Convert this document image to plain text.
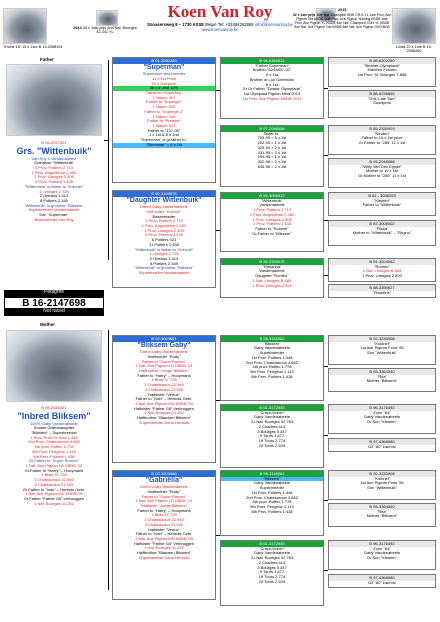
"Invest 16" 15 x 1ste B 13-2068104
2014 33 x 1ste prijs 2nd Nat. Bourges 42.341 YL
Koen Van Roy
Snoasersweg 8 – 1730 ASSE België Tel: +32494282868 info@koenvanroy.be www.koenvanroy.be
2015
32 x 1ste prijs 1ste Nat. Champion BNN CR.S-YL 1ste Prov. Ace Pigeon Old KBDB 1ste Prov. Ace Pigeon Yearling KBDB 1ste Prov. Ace Pigeon YL KBDB 4de Nat. Champion CNH-YL KBDB 5de Nat. Ace Pigeon Old KBDB 6de Nat. Ace Pigeon Old KBDB
Linda 22 x 1ste B 15-2068450
Father
B 06-2017301
Grs. "Wittenbuik"
Van Roy x Vandenabeele
Grandson "Wittenbuik"
1 Prov. Poitiers 2.713
1 Prov. Angoulême 2.450
1 Prov. Limoges 2.309
2 Prov. Poitiers 1.435
"Wittenbuik" is father to "Kolonel"
1 Limoges 2.726
2 Orleans 1.413
8 Poitiers 2.345
"Wittenbuik" is gr.father "Bliksem"
Superbreeder Vandenabeele
Son "Superman"
Basebreeder Van Roy
Pedigree
B 16-2147698
Not raced
Mother
B 08-2145351
"Inbred Bliksem"
100% Gaby Vandenabeele
Double Granddaughter
"Bliksem" – Superbreeder
1 Prov. Pont St. Max 1.448
2nd Prov. Chateauroux 4.662
4th prov. Ruffec 1.778
5th Prov. Perigeux 1.119
8th Prov. Poitiers 1.438
Gr.Father to "Super Romeo"
1 Nat. Ace Pigeon LD KBDB '13
Gr.Father to "Harry" – Hooymans
1 Blois 37.728
1 Chateauroux 22.940
3 Chateaudun 21.520
Gr.Father to "Ivan" – Herbots Gebr.
1 Nat. Ace Pigeon MD KBDB '09
Gr.Father "Father Gil" Verbruggen
1 Nat. Bourges 11.252
B 01-2030285
"Superman"
Superracer and breeder
11 x 1st Prize
10 x 2nd prize
36 x in first 10%
Father to "Superboy"
1 Nayon 407
Father to "Supergirl"
1 Nayon 600
Father to "Supergirl 2"
1 Nayon 240
Father to "Pretshe"
1 Nayon 347
Father to "137-05"
1 x 1st & 5 x 2nd
"Superman" is gr.father to :
"Stuntman" = 6 x 1st
B 99-3199876
"Daughter Wittenbuik"
Direct Gaby Vandenabeele
Half sister "Kolonel"
Basebreeder
1 Prov. Poitiers 2.713
1 Prov. Angoulême 2.450
1 Prov. Limoges 2.309
2 Prov. Poitiers 1.435
6 Poitiers 921
11 Poitiers 1.438
"Wittenbuik" is father to "Kolonel"
1 Limoges 2.726
2 Orleans 1.413
8 Poitiers 2.345
"Wittenbuik" is gr.father "Bliksem"
Superbreeder Vandenabeele
B 02-3003661
"Bliksem Gaby"
Direct Gaby Vandenabeele
Halfbrother "Rudy"
Father to "Super Romeo"
1 Nat. Ace Pigeon LD KBDB '13
Halfbrother "Junge Bliksem"
Father to "Harry" – Hooymans
1 Blois 37.728
1 Chateauroux 22.940
3 Chateaudun 21.520
Halfsister "Venus"
Father to "Ivan" – Herbots Gebr.
1 Nat. Ace Pigeon MD KBDB '09
Halfsister "Father Gil" Verbruggen
1 Nat. Bourges 11.252
Halfbrother "Blauwen Bliksem"
Superbreeder Dens-Herbots
B 03-3003486
"Gabriëlla"
Direct Gaby Vandenabeele
Halfbrother "Rudy"
Father to "Super Romeo"
1 Nat. Ace Pigeon LD KBDB '13
Halfsister "Junge Bliksem"
Father to "Harry" – Hooymans
1 Blois 37.728
1 Chateauroux 22.940
3 Chateaudun 21.520
Halfsister "Venus"
Father to "Ivan" – Herbots Gebr.
1 Nat. Ace Pigeon MD KBDB '09
Halfsister "Father Gil" Verbruggen
1 Nat. Bourges 11.252
Halfbrother "Blauwen Bliksem"
Superbreeder Dens-Herbots
B 94-6366812
"Father Superman"
Brother "6243857-92"
8 x 1st
Brother at Luc Geerinckx
6 x 1st
Gr.Gr.Father "Zwarte Olympiade"
1st Olympiad Pigeon Nitra 2013
1st Prov. Ace Pigeon KBDB 2012
B 97-2048058
Sister to :
709-93 = 6 x 1st
202-94 = 1 x 1st
329-94 = 2 x 1st
431-95 = 2 x 1st
094-95 = 1 x 1st
302-96 = 2 x 1st
646-96 = 2 x 1st
B 95-3056812
"Wittenbuik"
Vandenabeele
1 Prov. Poitiers 2.713
1 Prov. Angoulême 2.450
1 Prov. Limoges 2.309
2 Prov. Poitiers 1.435
Father to "Kolonel"
Gr.Father to "Bliksem"
B 95-3335678
"Rosanna"
Vandenabeele
Daughter "Romeo"
1 Nat. Limoges B 883
1 Prov. Limoges 2.8xx
B 96-3118062
"Bliksem"
Gaby Vandenabeele
Superbreeder
1st Prov. Poitiers 1.448
2nd Prov. Chateauroux 4.662
4th prov. Ruffec 1.778
5th Prov. Perigeux 1.119
8th Prov. Poitiers 1.438
B 01-3172930
"Crack-Duivin"
Gaby Vandenabeele
21 Nat. Bourges 42.763
2 Chartres 413
3 Bourges 5.347
9 Tours 1.677
19 Tours 2.774
26 Tours 2 634
B 96-3118062
"Bliksem"
Gaby Vandenabeele
Superbreeder
1st Prov. Poitiers 1.448
2nd Prov. Chateauroux 4.662
4th prov. Ruffec 1.778
5th Prov. Perigeux 1.119
8th Prov. Poitiers 1.438
B 01-3172930
"Crack-Duivin"
Gaby Vandenabeele
21 Nat. Bourges 42.763
2 Chartres 413
3 Bourges 5.347
9 Tours 1.677
19 Tours 2.774
26 Tours 2 634
B 86-6202250
"Brother Olympiade"
Manfred Fossen
1st Prov. St. Bourges 7.848
B 86-6236656
"Grd. Late Tom"
Soontjens
B 89-2330929
"Neuten"
Father to 19 x 1st prize
Gr.Father to "285" 11 x 1st
B 91-2048068
"Willy Van Den Eynde"
Mother to 19 x 1st
Gr.Mother to "285" 11 x 1st
B 81 - 3038253
"Kleinen"
Father to "Wittenbuik"
B 87-3008002
"Flicka"
Mother to "Wittenbuik" – "Rugno"
B 91-3204052
"Romeo"
1 Nat. Limoges B 883
1 Prov. Limoges 2.800
B 88-3390627
"Roseline"
B 92-3230008
"Kolonel"
1st Ace Pigeon Fond '95
Son "Wittenbuik"
B 93-3364340
"Rita"
Mother "Bliksem"
B 96-3176492
Zoon "As"
Gaby Vandenabeele
Gr.Son "Kleinen"
B 97-4368080
De "80" Lacroix
B 92-3230008
"Kolonel"
1st Ace Pigeon Fond '95
Son "Wittenbuik"
B 93-3364340
"Rita"
Mother "Bliksem"
B 96-3176492
Zoon "As"
Gaby Vandenabeele
Gr.Son "Kleinen"
B 97-4368080
De "80" Lacroix
